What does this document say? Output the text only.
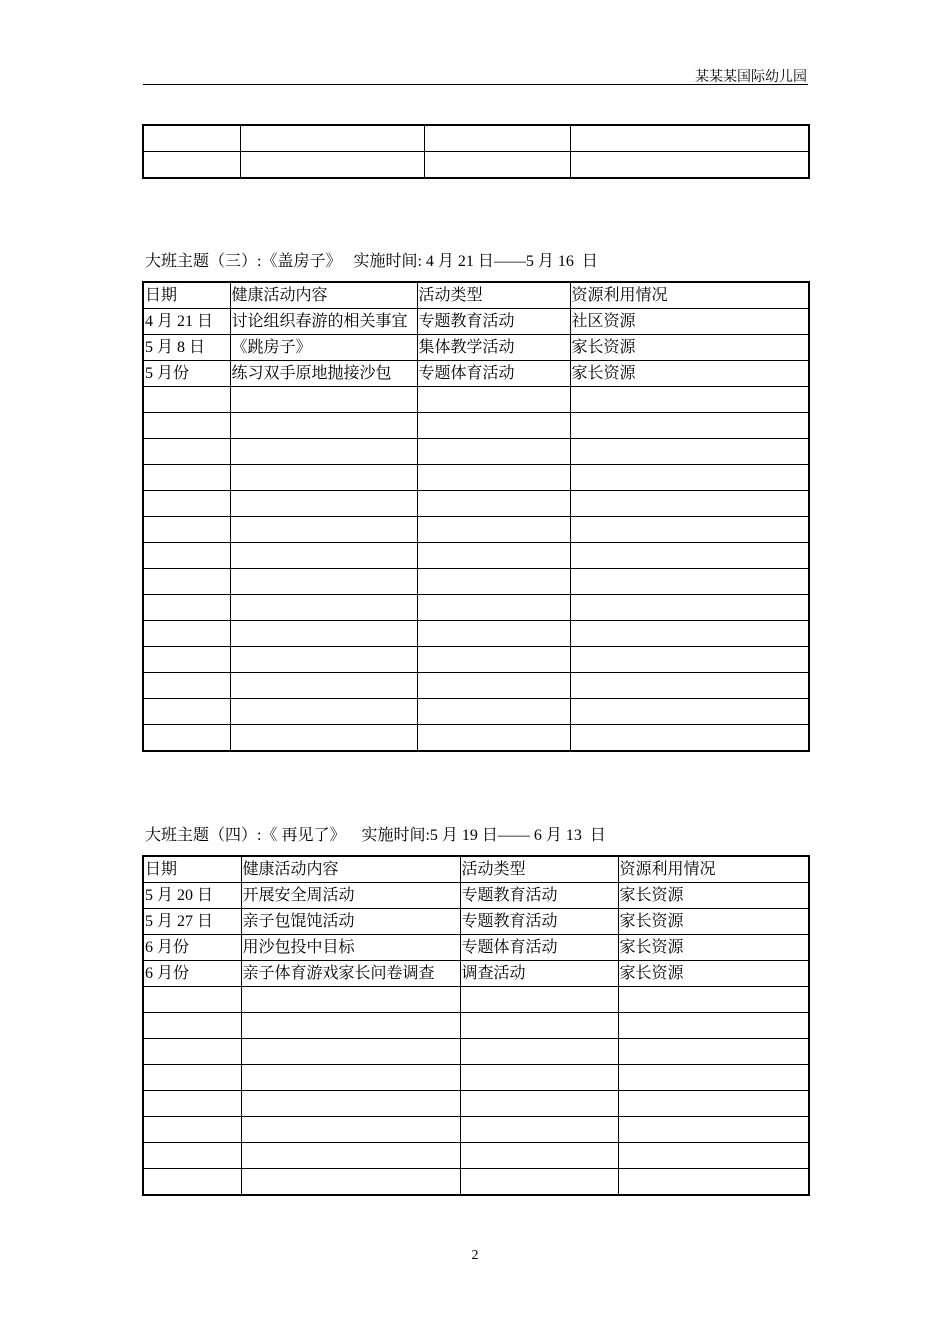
某某某国际幼儿园

大班主题（三）:《盖房子》   实施时间: 4 月 21 日——5 月 16  日
日期	健康活动内容	活动类型	资源利用情况
4 月 21 日	讨论组织春游的相关事宜	专题教育活动	社区资源
5 月 8 日	《跳房子》	集体教学活动	家长资源
5 月份	练习双手原地抛接沙包	专题体育活动	家长资源

大班主题（四）:《 再见了》    实施时间:5 月 19 日—— 6 月 13  日
日期	健康活动内容	活动类型	资源利用情况
5 月 20 日	开展安全周活动	专题教育活动	家长资源
5 月 27 日	亲子包馄饨活动	专题教育活动	家长资源
6 月份	用沙包投中目标	专题体育活动	家长资源
6 月份	亲子体育游戏家长问卷调查	调查活动	家长资源

2
